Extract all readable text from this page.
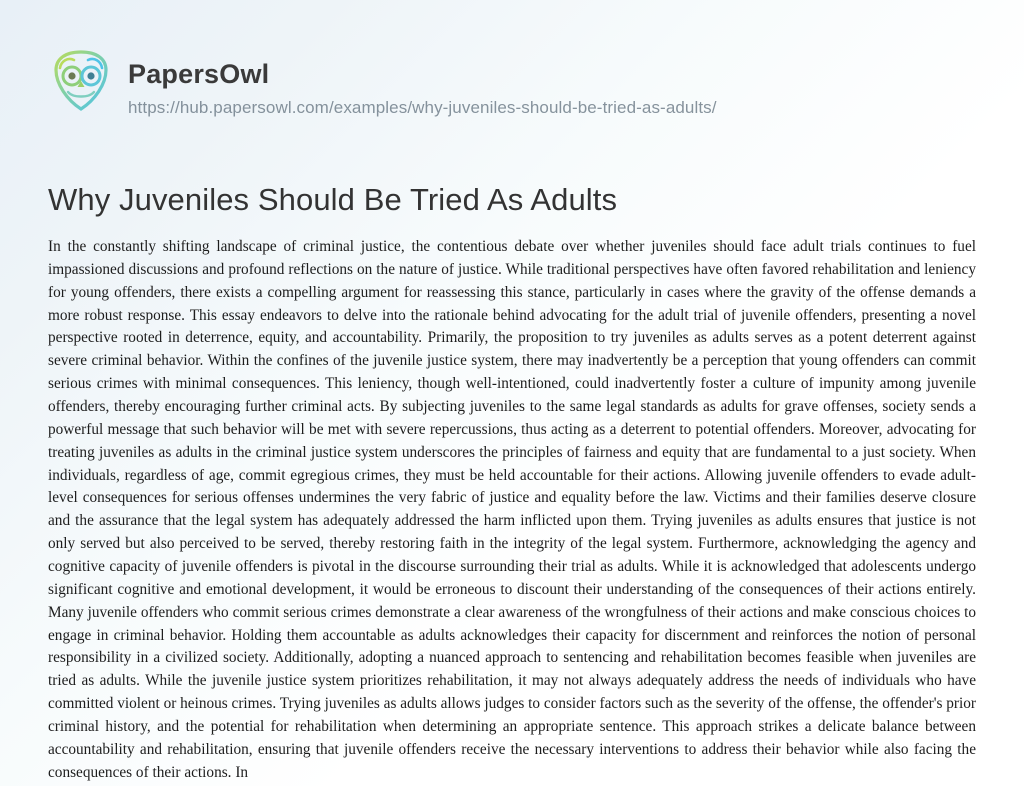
PapersOwl
https://hub.papersowl.com/examples/why-juveniles-should-be-tried-as-adults/
Why Juveniles Should Be Tried As Adults
In the constantly shifting landscape of criminal justice, the contentious debate over whether juveniles should face adult trials continues to fuel impassioned discussions and profound reflections on the nature of justice. While traditional perspectives have often favored rehabilitation and leniency for young offenders, there exists a compelling argument for reassessing this stance, particularly in cases where the gravity of the offense demands a more robust response. This essay endeavors to delve into the rationale behind advocating for the adult trial of juvenile offenders, presenting a novel perspective rooted in deterrence, equity, and accountability. Primarily, the proposition to try juveniles as adults serves as a potent deterrent against severe criminal behavior. Within the confines of the juvenile justice system, there may inadvertently be a perception that young offenders can commit serious crimes with minimal consequences. This leniency, though well-intentioned, could inadvertently foster a culture of impunity among juvenile offenders, thereby encouraging further criminal acts. By subjecting juveniles to the same legal standards as adults for grave offenses, society sends a powerful message that such behavior will be met with severe repercussions, thus acting as a deterrent to potential offenders. Moreover, advocating for treating juveniles as adults in the criminal justice system underscores the principles of fairness and equity that are fundamental to a just society. When individuals, regardless of age, commit egregious crimes, they must be held accountable for their actions. Allowing juvenile offenders to evade adult-level consequences for serious offenses undermines the very fabric of justice and equality before the law. Victims and their families deserve closure and the assurance that the legal system has adequately addressed the harm inflicted upon them. Trying juveniles as adults ensures that justice is not only served but also perceived to be served, thereby restoring faith in the integrity of the legal system. Furthermore, acknowledging the agency and cognitive capacity of juvenile offenders is pivotal in the discourse surrounding their trial as adults. While it is acknowledged that adolescents undergo significant cognitive and emotional development, it would be erroneous to discount their understanding of the consequences of their actions entirely. Many juvenile offenders who commit serious crimes demonstrate a clear awareness of the wrongfulness of their actions and make conscious choices to engage in criminal behavior. Holding them accountable as adults acknowledges their capacity for discernment and reinforces the notion of personal responsibility in a civilized society. Additionally, adopting a nuanced approach to sentencing and rehabilitation becomes feasible when juveniles are tried as adults. While the juvenile justice system prioritizes rehabilitation, it may not always adequately address the needs of individuals who have committed violent or heinous crimes. Trying juveniles as adults allows judges to consider factors such as the severity of the offense, the offender's prior criminal history, and the potential for rehabilitation when determining an appropriate sentence. This approach strikes a delicate balance between accountability and rehabilitation, ensuring that juvenile offenders receive the necessary interventions to address their behavior while also facing the consequences of their actions. In
